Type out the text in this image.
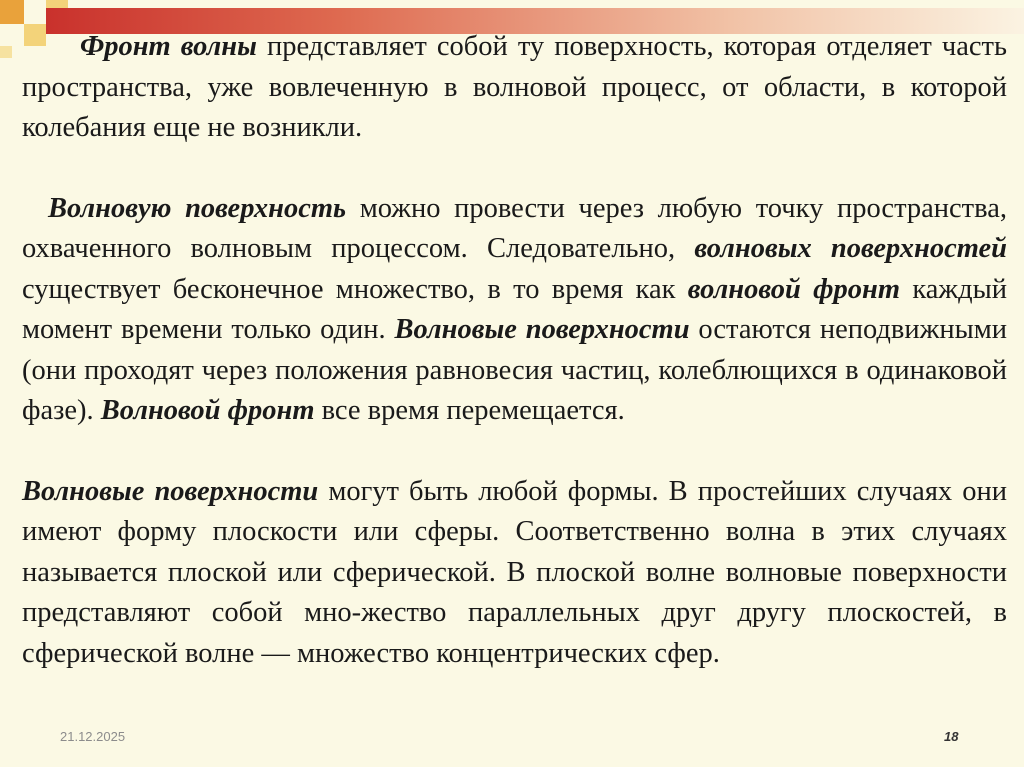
Фронт волны представляет собой ту поверхность, которая отделяет часть пространства, уже вовлеченную в волновой процесс, от области, в которой колебания еще не возникли.

Волновую поверхность можно провести через любую точку пространства, охваченного волновым процессом. Следовательно, волновых поверхностей существует бесконечное множество, в то время как волновой фронт каждый момент времени только один. Волновые поверхности остаются неподвижными (они проходят через положения равновесия частиц, колеблющихся в одинаковой фазе). Волновой фронт все время перемещается.

Волновые поверхности могут быть любой формы. В простейших случаях они имеют форму плоскости или сферы. Соответственно волна в этих случаях называется плоской или сферической. В плоской волне волновые поверхности представляют собой мно-жество параллельных друг другу плоскостей, в сферической волне — множество концентрических сфер.

21.12.2025	18
